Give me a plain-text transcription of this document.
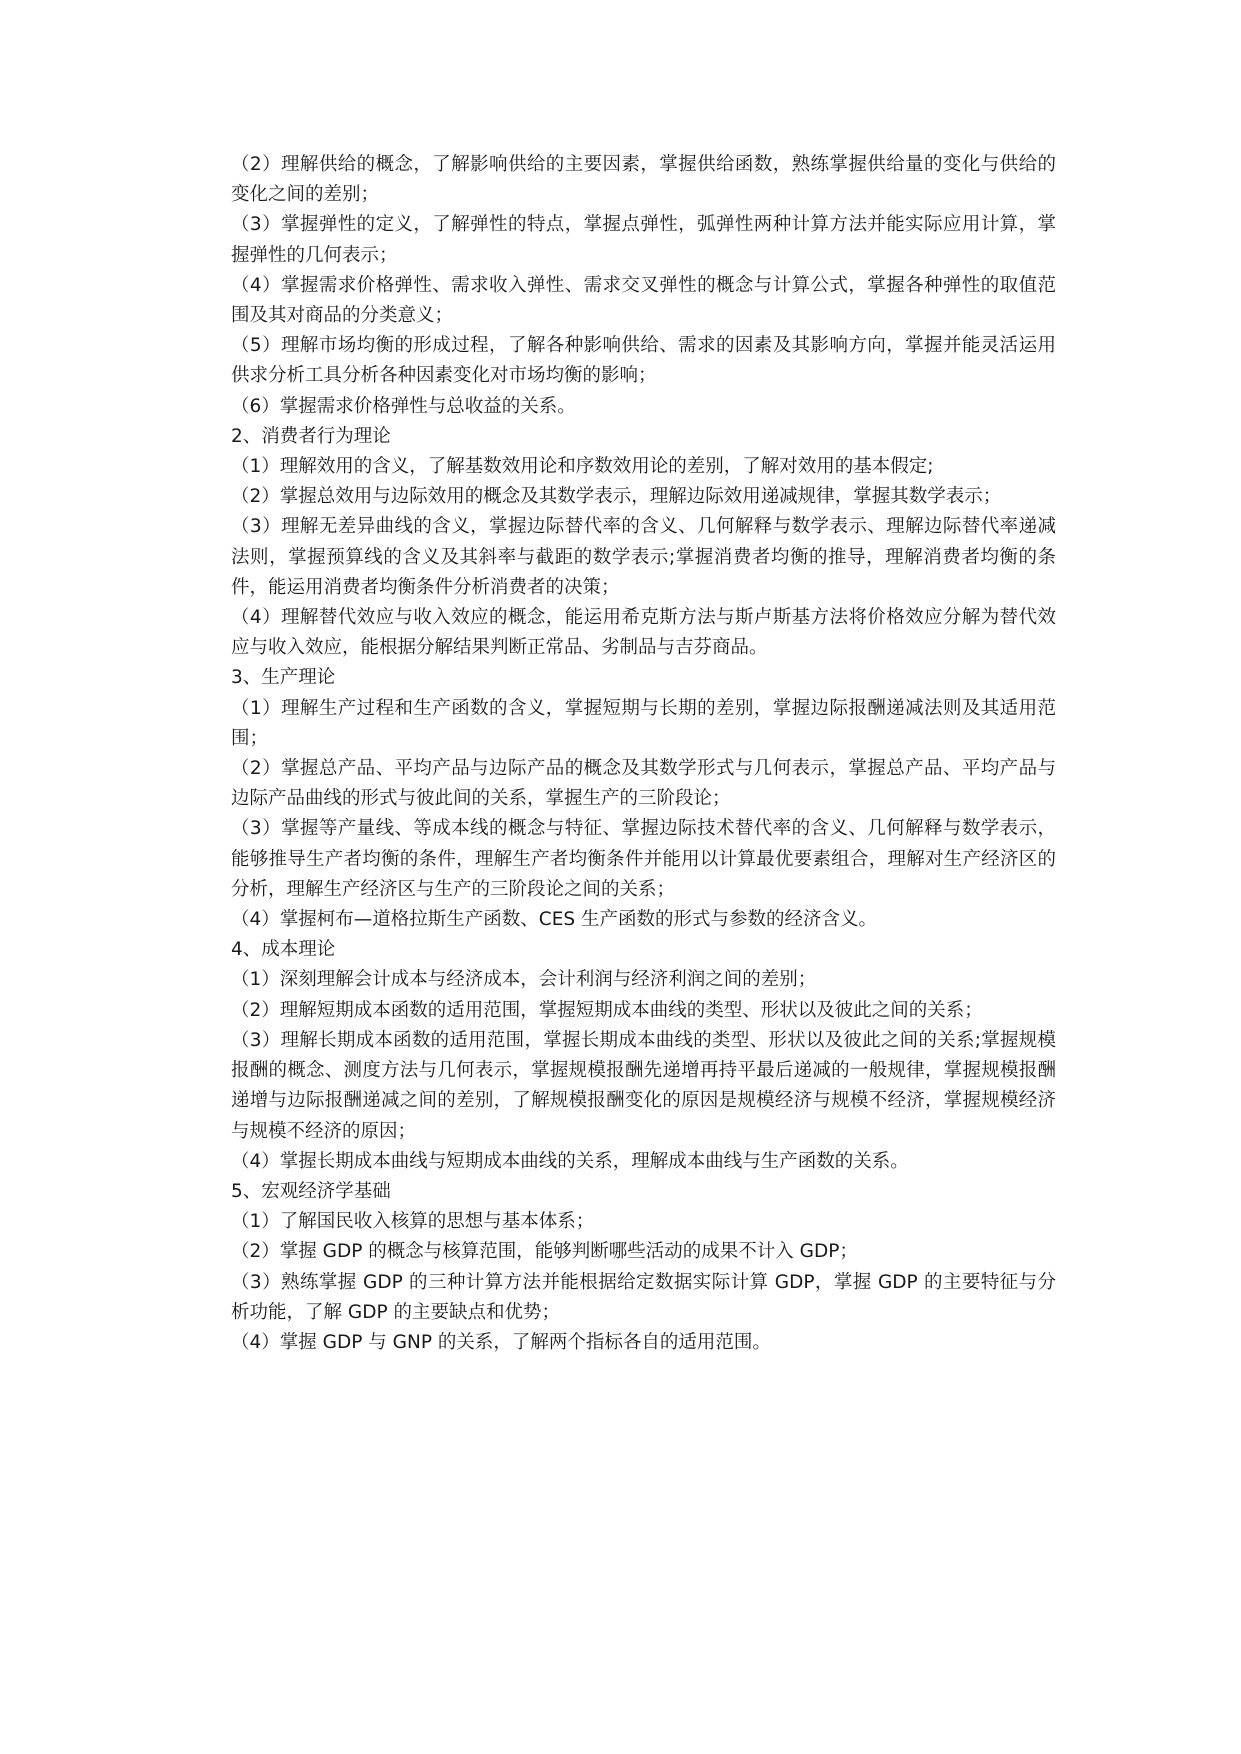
（2）理解供给的概念，了解影响供给的主要因素，掌握供给函数，熟练掌握供给量的变化与供给的变化之间的差别；

（3）掌握弹性的定义，了解弹性的特点，掌握点弹性，弧弹性两种计算方法并能实际应用计算，掌握弹性的几何表示；

（4）掌握需求价格弹性、需求收入弹性、需求交叉弹性的概念与计算公式，掌握各种弹性的取值范围及其对商品的分类意义；

（5）理解市场均衡的形成过程，了解各种影响供给、需求的因素及其影响方向，掌握并能灵活运用供求分析工具分析各种因素变化对市场均衡的影响；

（6）掌握需求价格弹性与总收益的关系。

2、消费者行为理论

（1）理解效用的含义，了解基数效用论和序数效用论的差别，了解对效用的基本假定;

（2）掌握总效用与边际效用的概念及其数学表示，理解边际效用递减规律，掌握其数学表示；

（3）理解无差异曲线的含义，掌握边际替代率的含义、几何解释与数学表示、理解边际替代率递减法则，掌握预算线的含义及其斜率与截距的数学表示;掌握消费者均衡的推导，理解消费者均衡的条件，能运用消费者均衡条件分析消费者的决策；

（4）理解替代效应与收入效应的概念，能运用希克斯方法与斯卢斯基方法将价格效应分解为替代效应与收入效应，能根据分解结果判断正常品、劣制品与吉芬商品。

3、生产理论

（1）理解生产过程和生产函数的含义，掌握短期与长期的差别，掌握边际报酬递减法则及其适用范围；

（2）掌握总产品、平均产品与边际产品的概念及其数学形式与几何表示，掌握总产品、平均产品与边际产品曲线的形式与彼此间的关系，掌握生产的三阶段论；

（3）掌握等产量线、等成本线的概念与特征、掌握边际技术替代率的含义、几何解释与数学表示，能够推导生产者均衡的条件，理解生产者均衡条件并能用以计算最优要素组合，理解对生产经济区的分析，理解生产经济区与生产的三阶段论之间的关系；

（4）掌握柯布—道格拉斯生产函数、CES 生产函数的形式与参数的经济含义。

4、成本理论

（1）深刻理解会计成本与经济成本，会计利润与经济利润之间的差别；

（2）理解短期成本函数的适用范围，掌握短期成本曲线的类型、形状以及彼此之间的关系；

（3）理解长期成本函数的适用范围，掌握长期成本曲线的类型、形状以及彼此之间的关系;掌握规模报酬的概念、测度方法与几何表示，掌握规模报酬先递增再持平最后递减的一般规律，掌握规模报酬递增与边际报酬递减之间的差别，了解规模报酬变化的原因是规模经济与规模不经济，掌握规模经济与规模不经济的原因；

（4）掌握长期成本曲线与短期成本曲线的关系，理解成本曲线与生产函数的关系。

5、宏观经济学基础

（1）了解国民收入核算的思想与基本体系；

（2）掌握 GDP 的概念与核算范围，能够判断哪些活动的成果不计入 GDP；

（3）熟练掌握 GDP 的三种计算方法并能根据给定数据实际计算 GDP，掌握 GDP 的主要特征与分析功能，了解 GDP 的主要缺点和优势；

（4）掌握 GDP 与 GNP 的关系，了解两个指标各自的适用范围。
